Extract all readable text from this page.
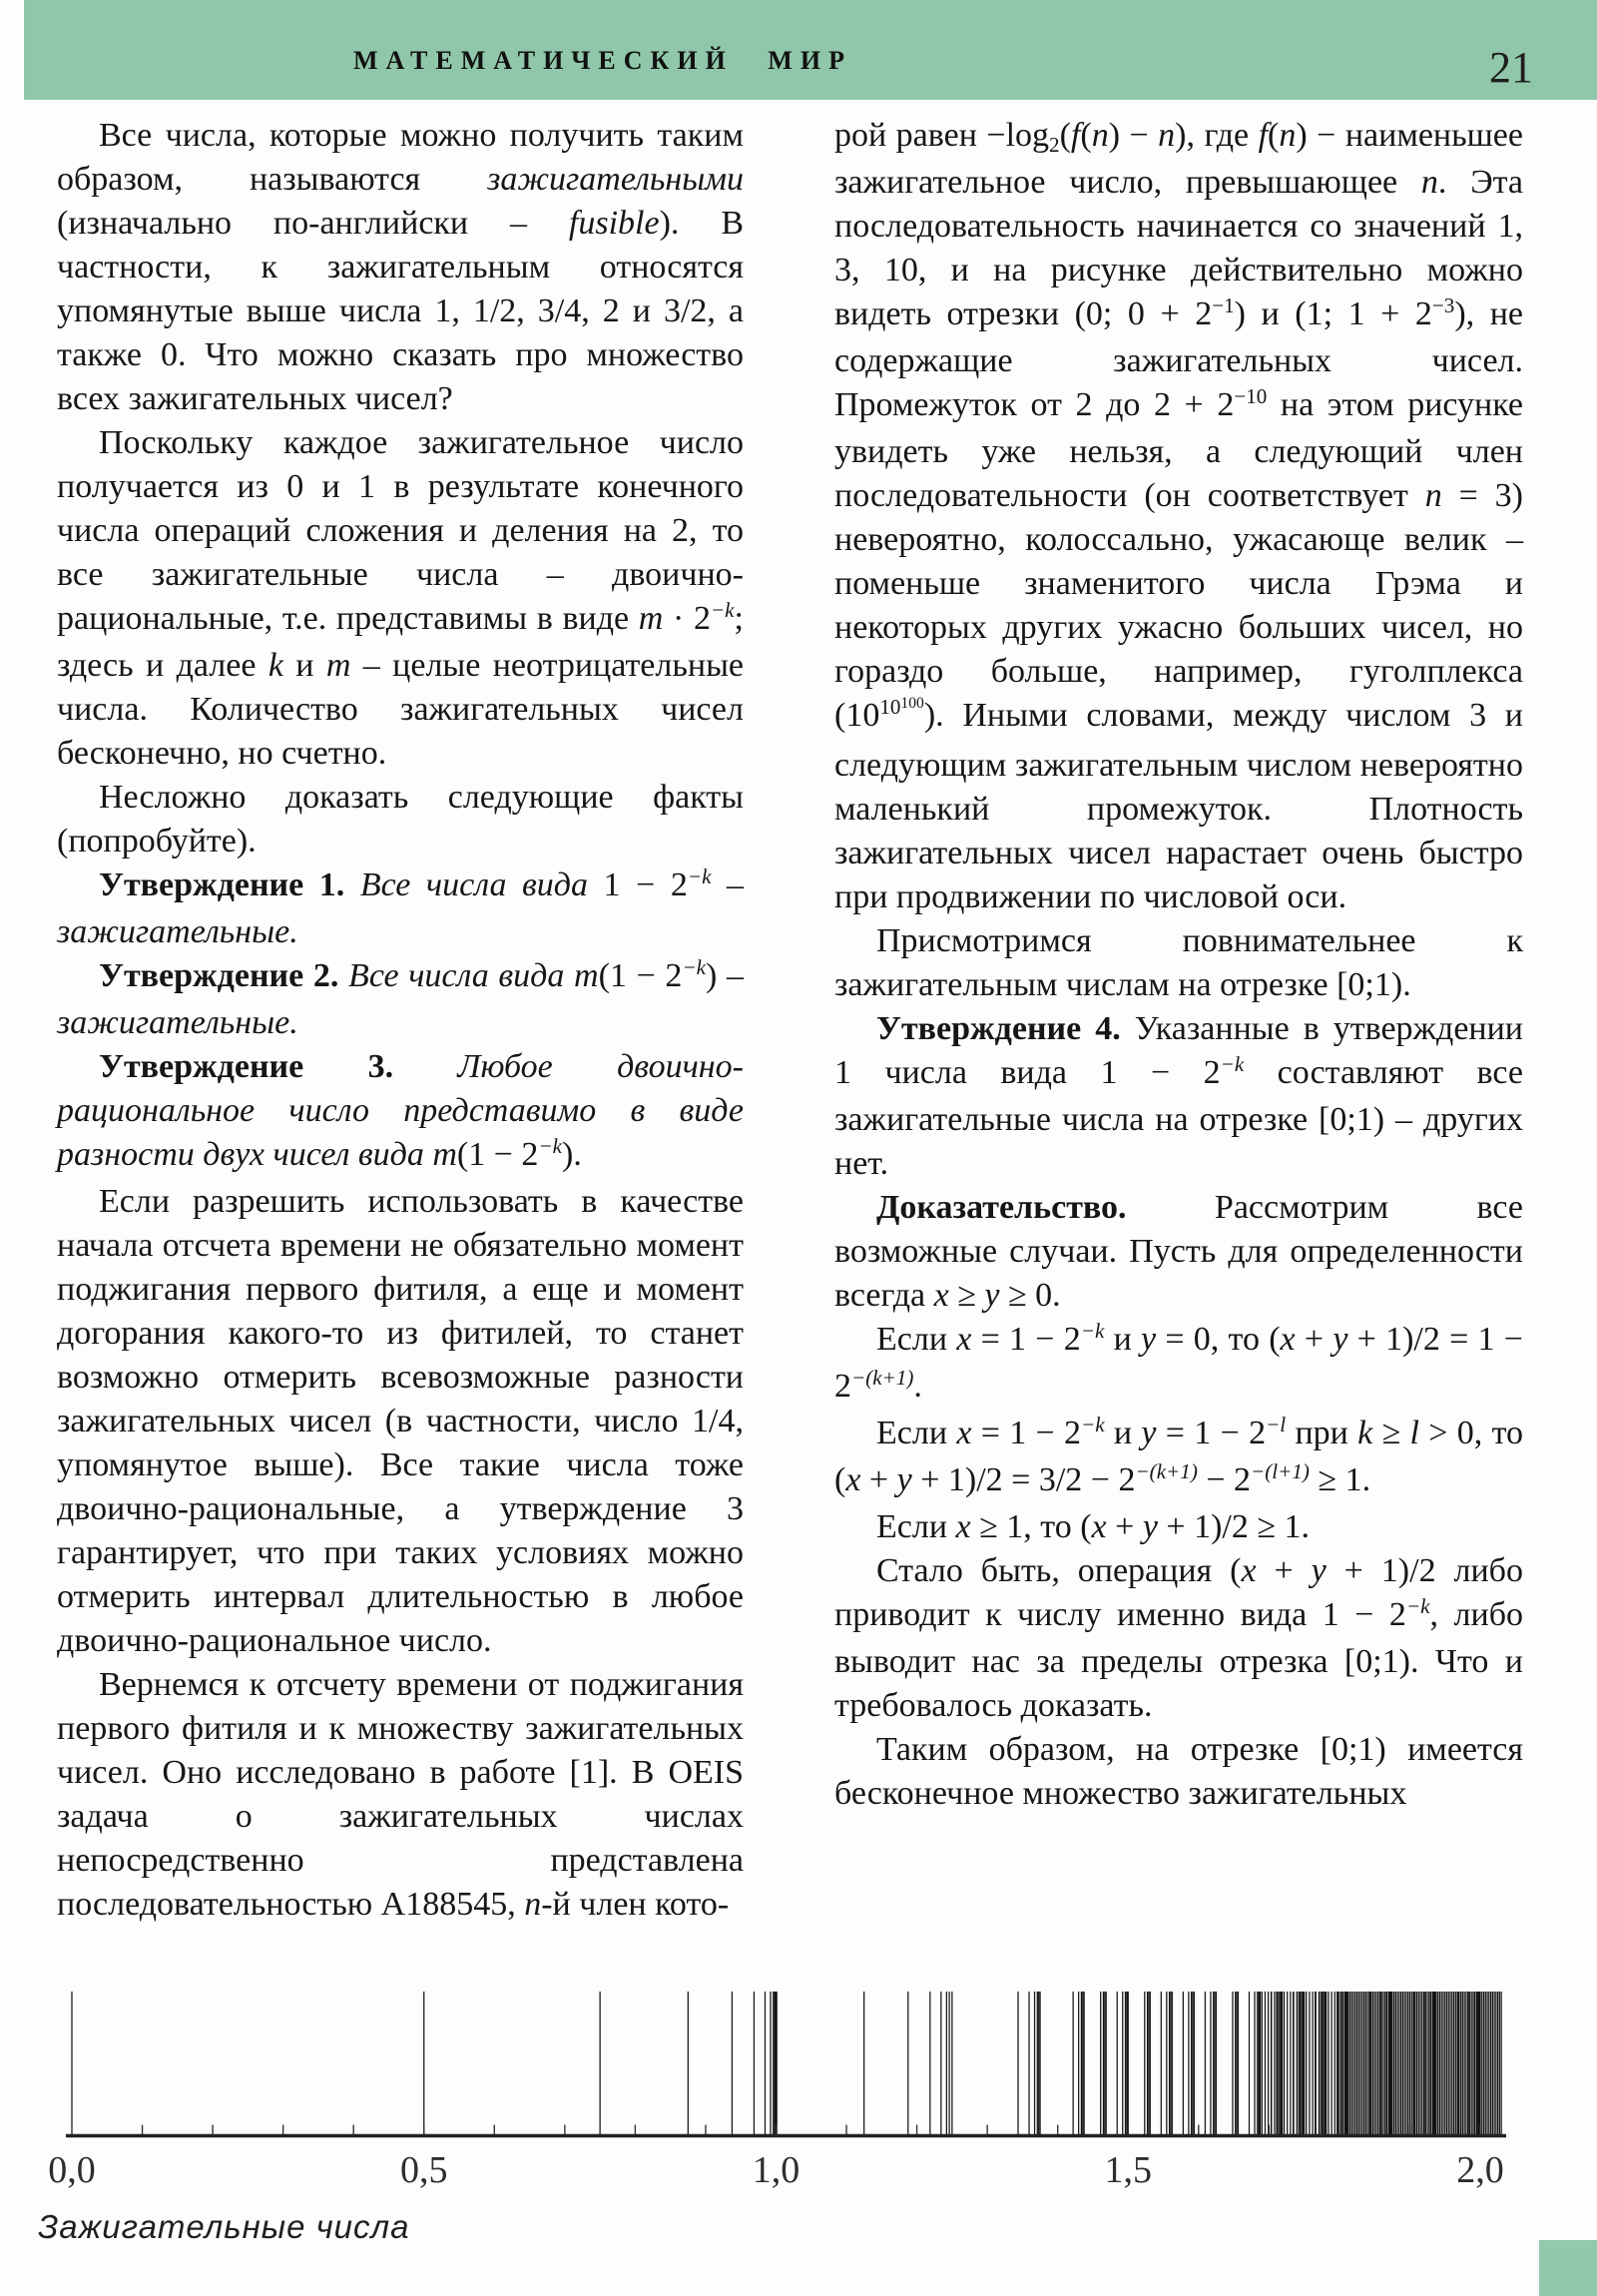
МАТЕМАТИЧЕСКИЙ МИР	21

Все числа, которые можно получить таким образом, называются зажигательными (изначально по-английски – fusible). В частности, к зажигательным относятся упомянутые выше числа 1, 1/2, 3/4, 2 и 3/2, а также 0. Что можно сказать про множество всех зажигательных чисел?

Поскольку каждое зажигательное число получается из 0 и 1 в результате конечного числа операций сложения и деления на 2, то все зажигательные числа – двоично-рациональные, т.е. представимы в виде $m \cdot 2^{-k}$; здесь и далее k и m – целые неотрицательные числа. Количество зажигательных чисел бесконечно, но счетно.

Несложно доказать следующие факты (попробуйте).

Утверждение 1. Все числа вида $1 - 2^{-k}$ – зажигательные.

Утверждение 2. Все числа вида $m(1 - 2^{-k})$ – зажигательные.

Утверждение 3. Любое двоично-рациональное число представимо в виде разности двух чисел вида $m(1 - 2^{-k})$.

Если разрешить использовать в качестве начала отсчета времени не обязательно момент поджигания первого фитиля, а еще и момент догорания какого-то из фитилей, то станет возможно отмерить всевозможные разности зажигательных чисел (в частности, число 1/4, упомянутое выше). Все такие числа тоже двоично-рациональные, а утверждение 3 гарантирует, что при таких условиях можно отмерить интервал длительностью в любое двоично-рациональное число.

Вернемся к отсчету времени от поджигания первого фитиля и к множеству зажигательных чисел. Оно исследовано в работе [1]. В OEIS задача о зажигательных числах непосредственно представлена последовательностью A188545, n-й член кото-

рой равен −log2(f(n) − n), где f(n) − наименьшее зажигательное число, превышающее n. Эта последовательность начинается со значений 1, 3, 10, и на рисунке действительно можно видеть отрезки (0; $0 + 2^{-1}$) и (1; $1 + 2^{-3}$), не содержащие зажигательных чисел. Промежуток от 2 до $2 + 2^{-10}$ на этом рисунке увидеть уже нельзя, а следующий член последовательности (он соответствует n = 3) невероятно, колоссально, ужасающе велик – поменьше знаменитого числа Грэма и некоторых других ужасно больших чисел, но гораздо больше, например, гуголплекса $(10^{10100})$. Иными словами, между числом 3 и следующим зажигательным числом невероятно маленький промежуток. Плотность зажигательных чисел нарастает очень быстро при продвижении по числовой оси.

Присмотримся повнимательнее к зажигательным числам на отрезке [0;1).

Утверждение 4. Указанные в утверждении 1 числа вида $1 - 2^{-k}$ составляют все зажигательные числа на отрезке [0;1) – других нет.

Доказательство. Рассмотрим все возможные случаи. Пусть для определенности всегда x ≥ y ≥ 0.

Если $x = 1 - 2^{-k}$ и y = 0, то $(x + y + 1)/2 = 1 - 2^{-(k+1)}$.

Если $x = 1 - 2^{-k}$ и $y = 1 - 2^{-l}$ при k ≥ l > 0, то $(x + y + 1)/2 = 3/2 - 2^{-(k+1)} - 2^{-(l+1)} \ge 1$.

Если x ≥ 1, то (x + y + 1)/2 ≥ 1.

Стало быть, операция (x + y + 1)/2 либо приводит к числу именно вида $1 - 2^{-k}$, либо выводит нас за пределы отрезка [0;1). Что и требовалось доказать.

Таким образом, на отрезке [0;1) имеется бесконечное множество зажигательных

0,0	0,5	1,0	1,5	2,0
Зажигательные числа
